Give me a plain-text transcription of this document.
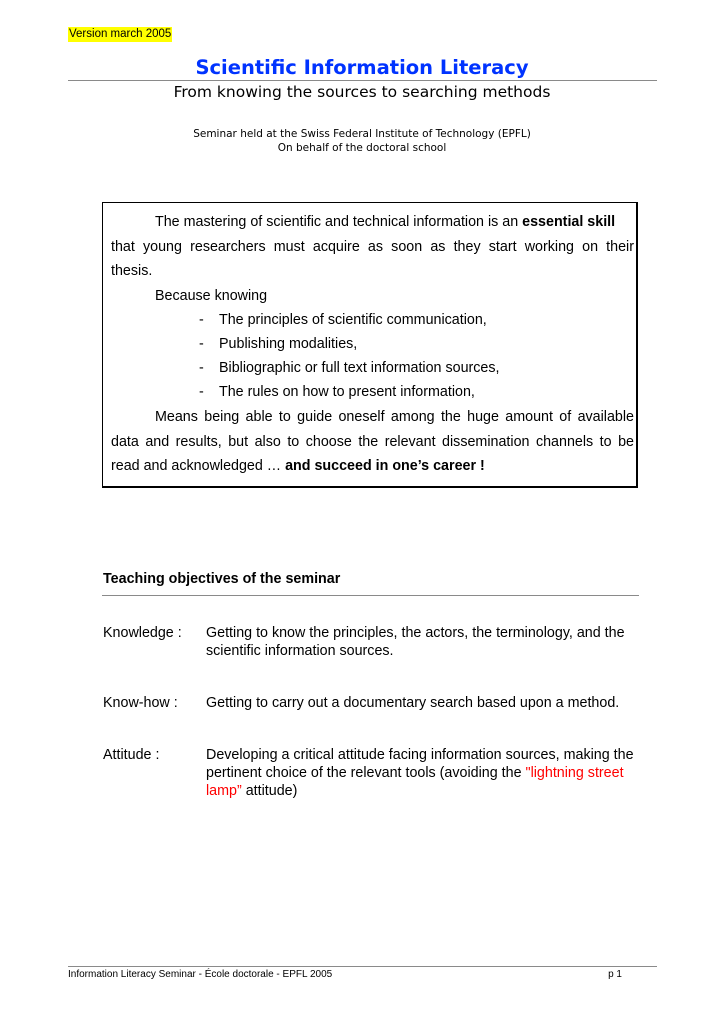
Version march 2005
Scientific Information Literacy
From knowing the sources to searching methods
Seminar held at the Swiss Federal Institute of Technology (EPFL)
On behalf of the doctoral school
The mastering of scientific and technical information is an essential skill
that young researchers must acquire as soon as they start working on their
thesis.
Because knowing
- The principles of scientific communication,
- Publishing modalities,
- Bibliographic or full text information sources,
- The rules on how to present information,
Means being able to guide oneself among the huge amount of available
data and results, but also to choose the relevant dissemination channels to be
read and acknowledged … and succeed in one’s career !
Teaching objectives of the seminar
Knowledge : Getting to know the principles, the actors, the terminology, and the
scientific information sources.
Know-how : Getting to carry out a documentary search based upon a method.
Attitude :	Developing a critical attitude facing information sources, making the
pertinent choice of the relevant tools (avoiding the "lightning street
lamp” attitude)
Information Literacy Seminar - École doctorale - EPFL 2005	p 1
